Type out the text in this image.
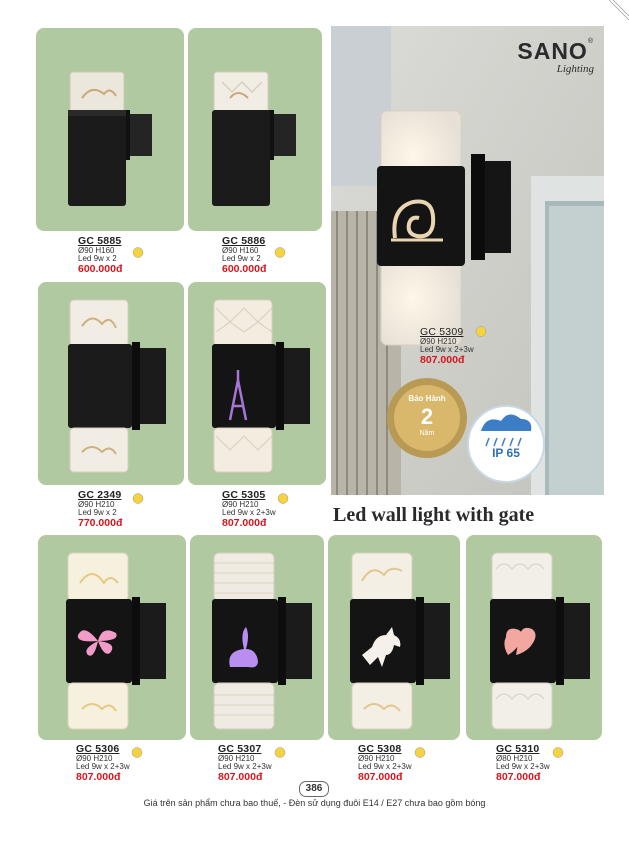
GC 5885
Ø90 H160
Led 9w x 2
600.000đ
GC 5886
Ø90 H160
Led 9w x 2
600.000đ
SANO®
Lighting
Bảo Hành
2
Năm
IP 65
GC 5309
Ø90 H210
Led 9w x 2+3w
807.000đ
GC 2349
Ø90 H210
Led 9w x 2
770.000đ
GC 5305
Ø90 H210
Led 9w x 2+3w
807.000đ	Led wall light with gate
GC 5306
Ø90 H210
Led 9w x 2+3w
807.000đ
GC 5307
Ø90 H210
Led 9w x 2+3w
807.000đ
GC 5308
Ø90 H210
Led 9w x 2+3w
807.000đ
GC 5310
Ø80 H210
Led 9w x 2+3w
807.000đ
386
Giá trên sản phẩm chưa bao thuế, - Đèn sử dụng đuôi E14 / E27 chưa bao gồm bóng
